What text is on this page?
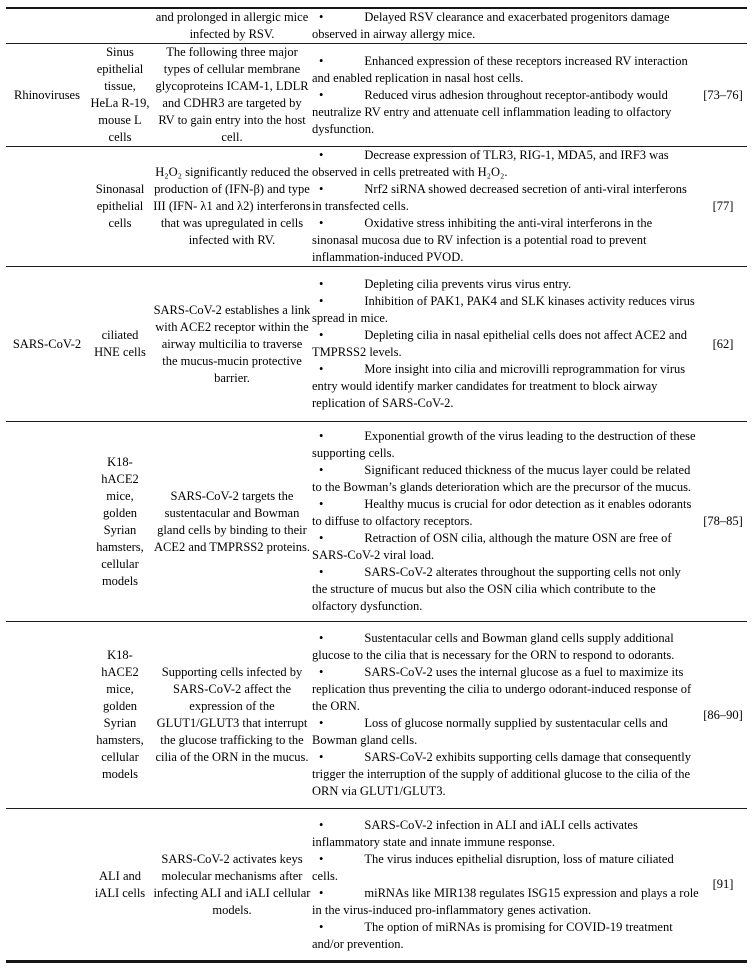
		and prolonged in allergic mice infected by RSV.	• Delayed RSV clearance and exacerbated progenitors damage observed in airway allergy mice.	

Rhinoviruses	Sinus epithelial tissue, HeLa R-19, mouse L cells	The following three major types of cellular membrane glycoproteins ICAM-1, LDLR and CDHR3 are targeted by RV to gain entry into the host cell.	• Enhanced expression of these receptors increased RV interaction and enabled replication in nasal host cells.

• Reduced virus adhesion throughout receptor-antibody would neutralize RV entry and attenuate cell inflammation leading to olfactory dysfunction.	[73–76]
	Sinonasal epithelial cells	H₂O₂ significantly reduced the production of (IFN-β) and type III (IFN- λ1 and λ2) interferons that was upregulated in cells infected with RV.	• Decrease expression of TLR3, RIG-1, MDA5, and IRF3 was observed in cells pretreated with H₂O₂.

• Nrf2 siRNA showed decreased secretion of anti-viral interferons in transfected cells.

• Oxidative stress inhibiting the anti-viral interferons in the sinonasal mucosa due to RV infection is a potential road to prevent inflammation-induced PVOD.	[77]
SARS-CoV-2	ciliated HNE cells	SARS-CoV-2 establishes a link with ACE2 receptor within the airway multicilia to traverse the mucus-mucin protective barrier.	• Depleting cilia prevents virus virus entry.

• Inhibition of PAK1, PAK4 and SLK kinases activity reduces virus spread in mice.

• Depleting cilia in nasal epithelial cells does not affect ACE2 and TMPRSS2 levels.

• More insight into cilia and microvilli reprogrammation for virus entry would identify marker candidates for treatment to block airway replication of SARS-CoV-2.	[62]
	K18-hACE2 mice, golden Syrian hamsters, cellular models	SARS-CoV-2 targets the sustentacular and Bowman gland cells by binding to their ACE2 and TMPRSS2 proteins.	• Exponential growth of the virus leading to the destruction of these supporting cells.

• Significant reduced thickness of the mucus layer could be related to the Bowman’s glands deterioration which are the precursor of the mucus.

• Healthy mucus is crucial for odor detection as it enables odorants to diffuse to olfactory receptors.

• Retraction of OSN cilia, although the mature OSN are free of SARS-CoV-2 viral load.

• SARS-CoV-2 alterates throughout the supporting cells not only the structure of mucus but also the OSN cilia which contribute to the olfactory dysfunction.	[78–85]
	K18-hACE2 mice, golden Syrian hamsters, cellular models	Supporting cells infected by SARS-CoV-2 affect the expression of the GLUT1/GLUT3 that interrupt the glucose trafficking to the cilia of the ORN in the mucus.	• Sustentacular cells and Bowman gland cells supply additional glucose to the cilia that is necessary for the ORN to respond to odorants.

• SARS-CoV-2 uses the internal glucose as a fuel to maximize its replication thus preventing the cilia to undergo odorant-induced response of the ORN.

• Loss of glucose normally supplied by sustentacular cells and Bowman gland cells.

• SARS-CoV-2 exhibits supporting cells damage that consequently trigger the interruption of the supply of additional glucose to the cilia of the ORN via GLUT1/GLUT3.	[86–90]
	ALI and iALI cells	SARS-CoV-2 activates keys molecular mechanisms after infecting ALI and iALI cellular models.	• SARS-CoV-2 infection in ALI and iALI cells activates inflammatory state and innate immune response.

• The virus induces epithelial disruption, loss of mature ciliated cells.

• miRNAs like MIR138 regulates ISG15 expression and plays a role in the virus-induced pro-inflammatory genes activation.

• The option of miRNAs is promising for COVID-19 treatment and/or prevention.	[91]
